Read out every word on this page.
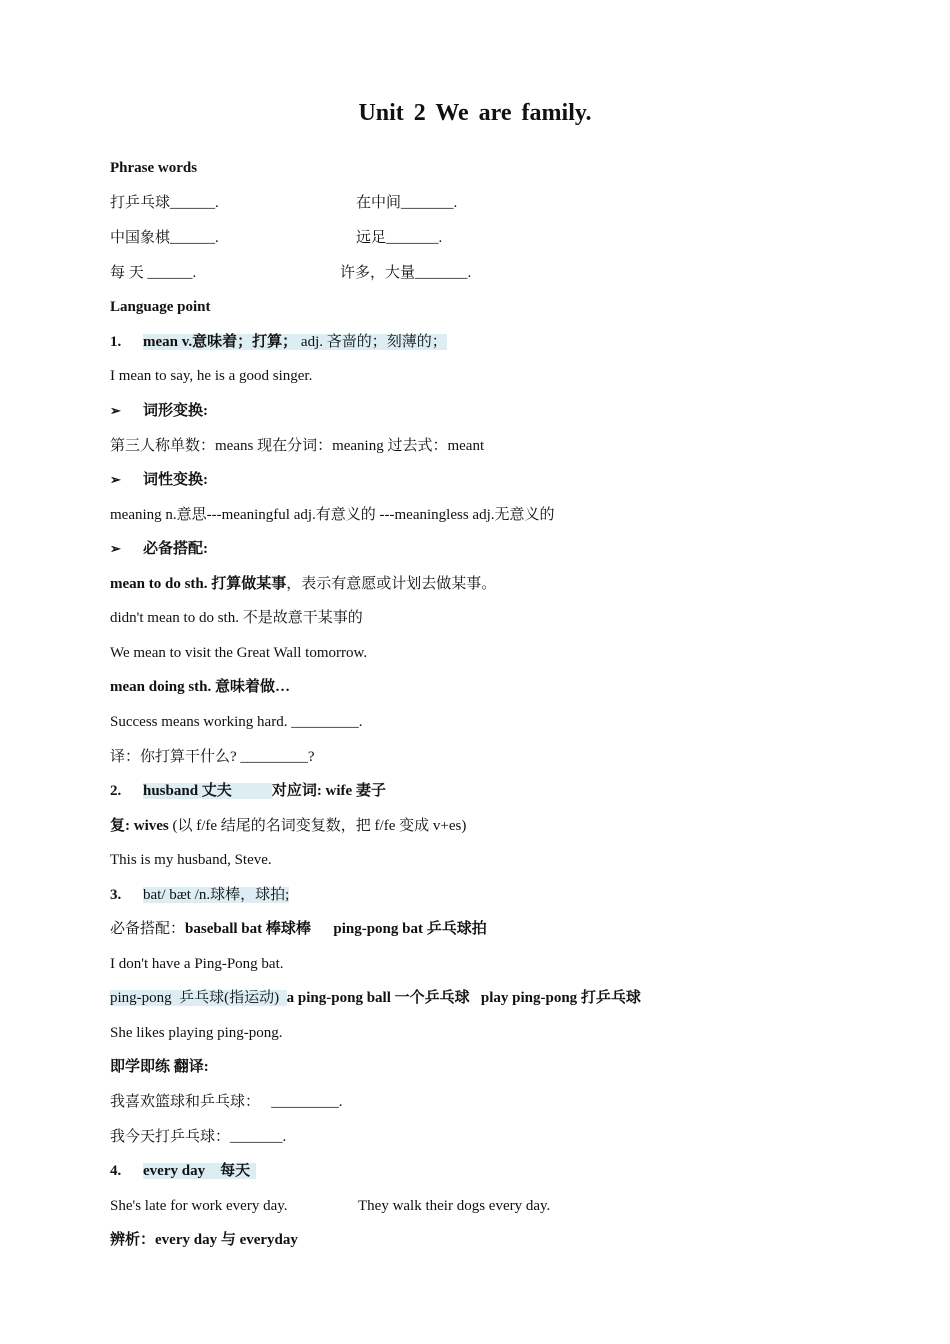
Unit 2 We are family.
Phrase words
打乒乓球______.	在中间_______.
中国象棋______.	远足_______.
每 天 ______.	许多，大量_______.
Language point
1. mean v.意味着；打算； adj. 吝啬的；刻薄的；
I mean to say, he is a good singer.
➢ 词形变换:
第三人称单数：means 现在分词：meaning 过去式：meant
➢ 词性变换:
meaning n.意思---meaningful adj.有意义的 ---meaningless adj.无意义的
➢ 必备搭配:
mean to do sth. 打算做某事，表示有意愿或计划去做某事。
didn't mean to do sth. 不是故意干某事的
We mean to visit the Great Wall tomorrow.
mean doing sth. 意味着做…
Success means working hard. _________.
译：你打算干什么? _________?
2. husband 丈夫	对应词: wife 妻子
复: wives (以 f/fe 结尾的名词变复数，把 f/fe 变成 v+es)
This is my husband, Steve.
3. bat/ bæt /n.球棒，球拍;
必备搭配：baseball bat 棒球棒      ping-pong bat 乒乓球拍
I don't have a Ping-Pong bat.
ping-pong  乒乓球(指运动)  a ping-pong ball 一个乒乓球   play ping-pong 打乒乓球
She likes playing ping-pong.
即学即练 翻译:
我喜欢篮球和乒乓球：   _________.
我今天打乒乓球：_______.
4. every day    每天
She's late for work every day.	They walk their dogs every day.
辨析：every day 与 everyday
